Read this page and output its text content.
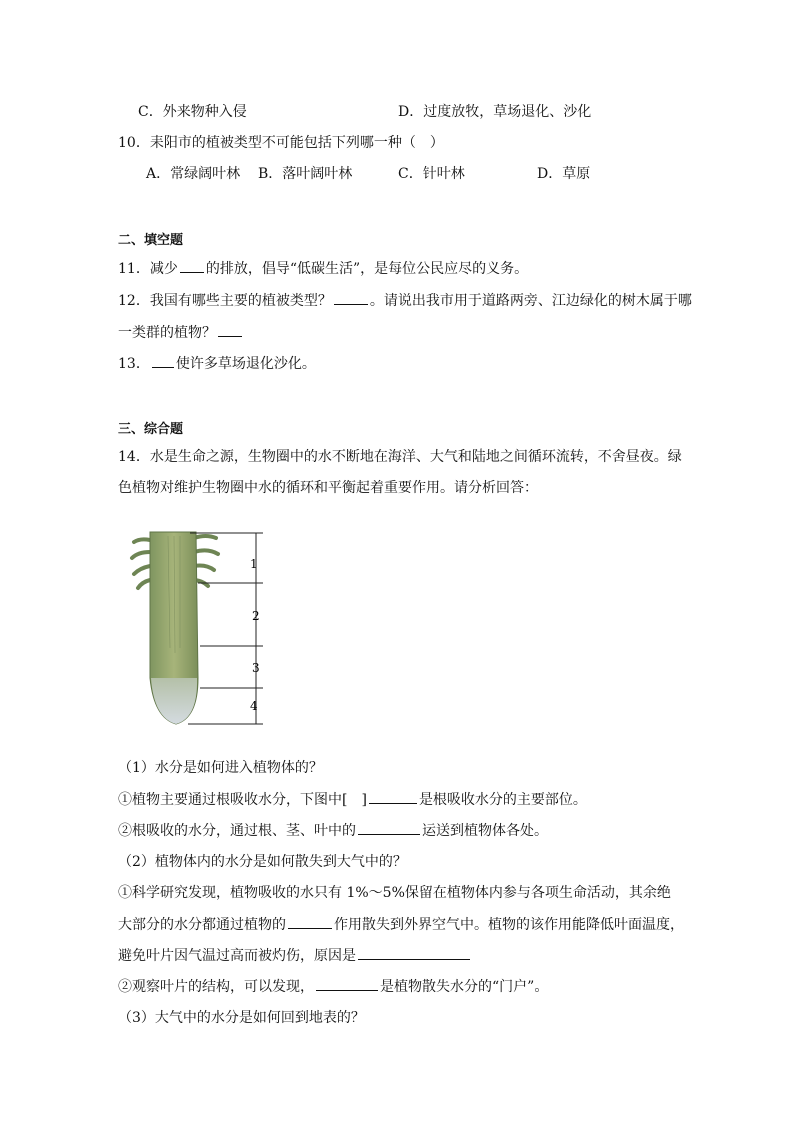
C．外来物种入侵	D．过度放牧，草场退化、沙化
10．耒阳市的植被类型不可能包括下列哪一种（　）
A．常绿阔叶林 B．落叶阔叶林	C．针叶林	D．草原
二、填空题
11．减少 的排放，倡导“低碳生活”，是每位公民应尽的义务。
12．我国有哪些主要的植被类型？	。请说出我市用于道路两旁、江边绿化的树木属于哪
一类群的植物？
13． 使许多草场退化沙化。
三、综合题
14．水是生命之源，生物圈中的水不断地在海洋、大气和陆地之间循环流转，不舍昼夜。绿
色植物对维护生物圈中水的循环和平衡起着重要作用。请分析回答：
1
2
3
4
（1）水分是如何进入植物体的？
①植物主要通过根吸收水分，下图中[　]	是根吸收水分的主要部位。
②根吸收的水分，通过根、茎、叶中的	运送到植物体各处。
（2）植物体内的水分是如何散失到大气中的？
①科学研究发现，植物吸收的水只有 1%～5%保留在植物体内参与各项生命活动，其余绝
大部分的水分都通过植物的	作用散失到外界空气中。植物的该作用能降低叶面温度，
避免叶片因气温过高而被灼伤，原因是
②观察叶片的结构，可以发现，	是植物散失水分的“门户”。
（3）大气中的水分是如何回到地表的？
